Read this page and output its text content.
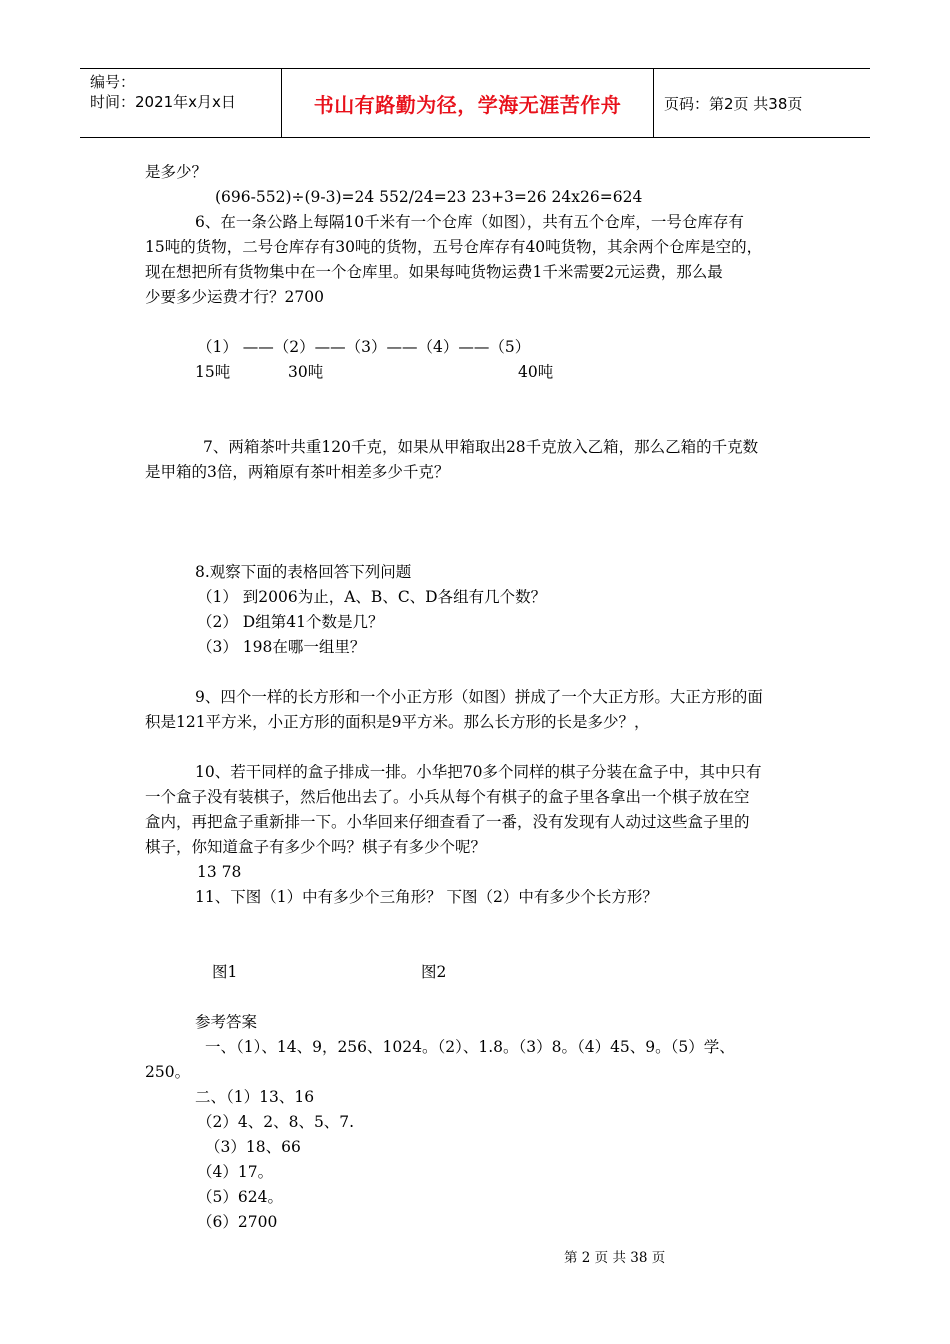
编号：
时间：2021年x月x日	书山有路勤为径，学海无涯苦作舟	页码：第2页 共38页
是多少？
(696-552)÷(9-3)=24 552/24=23 23+3=26 24x26=624
6、在一条公路上每隔10千米有一个仓库（如图），共有五个仓库，一号仓库存有
15吨的货物，二号仓库存有30吨的货物，五号仓库存有40吨货物，其余两个仓库是空的，
现在想把所有货物集中在一个仓库里。如果每吨货物运费1千米需要2元运费，那么最
少要多少运费才行？2700
（1） ——（2）——（3）——（4）——（5）
15吨	30吨	40吨
7、两箱茶叶共重120千克，如果从甲箱取出28千克放入乙箱，那么乙箱的千克数
是甲箱的3倍，两箱原有茶叶相差多少千克？
8.观察下面的表格回答下列问题
（1） 到2006为止，A、B、C、D各组有几个数？
（2） D组第41个数是几？
（3） 198在哪一组里？
9、四个一样的长方形和一个小正方形（如图）拼成了一个大正方形。大正方形的面
积是121平方米，小正方形的面积是9平方米。那么长方形的长是多少？，
10、若干同样的盒子排成一排。小华把70多个同样的棋子分装在盒子中，其中只有
一个盒子没有装棋子，然后他出去了。小兵从每个有棋子的盒子里各拿出一个棋子放在空
盒内，再把盒子重新排一下。小华回来仔细查看了一番，没有发现有人动过这些盒子里的
棋子，你知道盒子有多少个吗？棋子有多少个呢？
13 78
11、下图（1）中有多少个三角形？ 下图（2）中有多少个长方形？
图1	图2
参考答案
一、（1）、14、9，256、1024。（2）、1.8。（3）8。（4）45、9。（5）学、
250。
二、（1）13、16
（2）4、2、8、5、7.
（3）18、66
（4）17。
（5）624。
（6）2700
第 2 页 共 38 页
